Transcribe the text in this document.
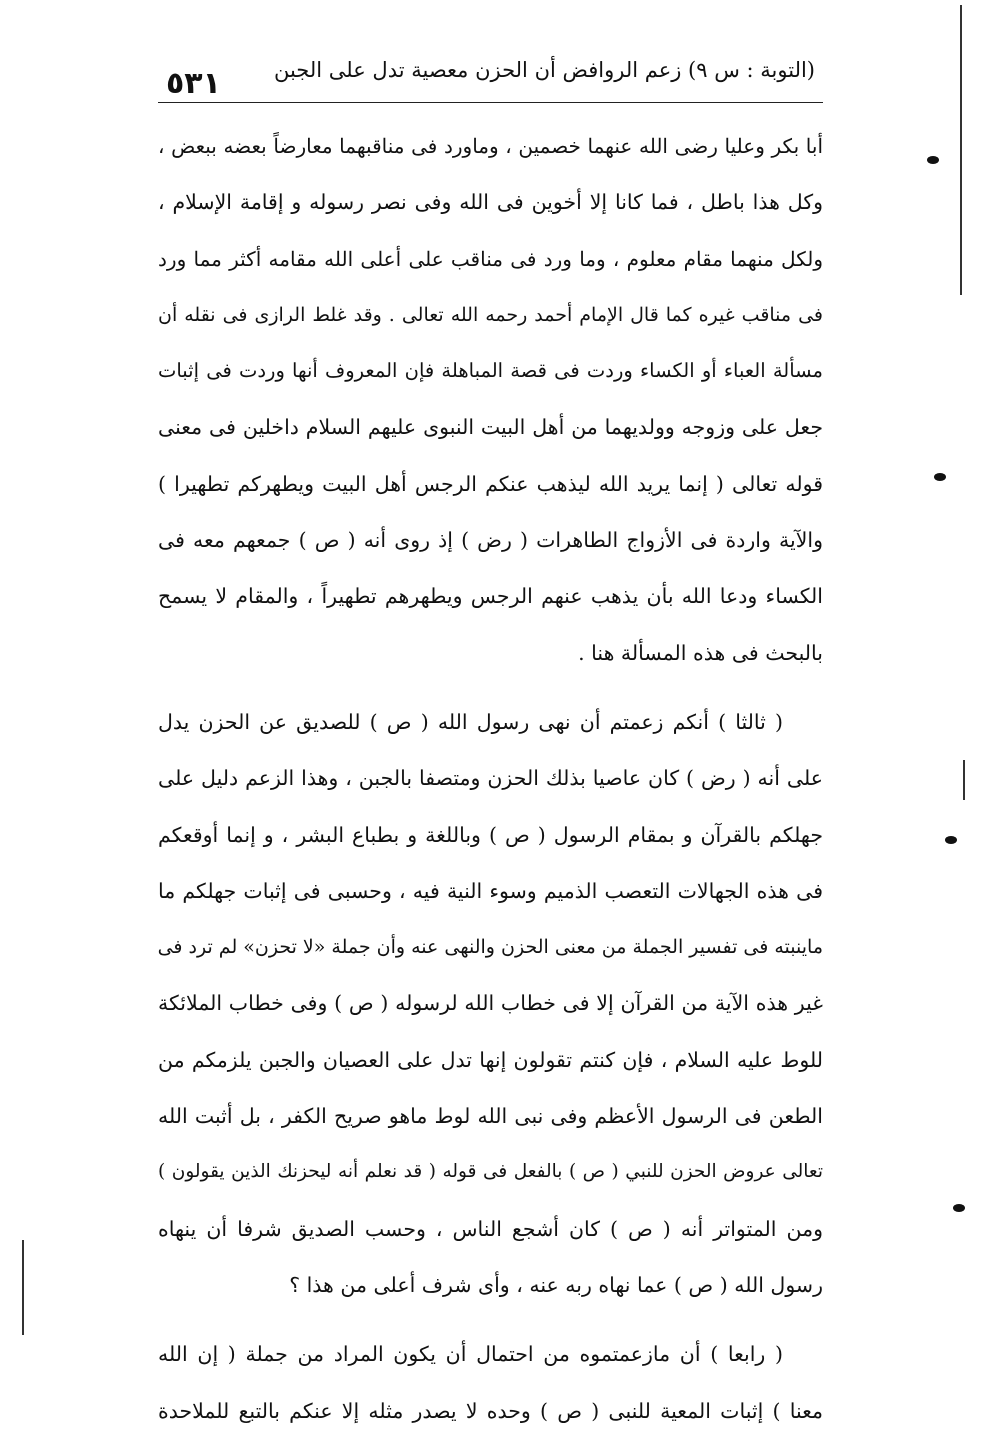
٥٣١	(التوبة : س ٩) زعم الروافض أن الحزن معصية تدل على الجبن
أبا بكر وعليا رضى الله عنهما خصمين ، وماورد فى مناقبهما معارضاً بعضه ببعض ،
وكل هذا باطل ، فما كانا إلا أخوين فى الله وفى نصر رسوله و إقامة الإسلام ،
ولكل منهما مقام معلوم ، وما ورد فى مناقب على أعلى الله مقامه أكثر مما ورد
فى مناقب غيره كما قال الإمام أحمد رحمه الله تعالى . وقد غلط الرازى فى نقله أن
مسألة العباء أو الكساء وردت فى قصة المباهلة فإن المعروف أنها وردت فى إثبات
جعل على وزوجه وولديهما من أهل البيت النبوى عليهم السلام داخلين فى معنى
قوله تعالى ( إنما يريد الله ليذهب عنكم الرجس أهل البيت ويطهركم تطهيرا )
والآية واردة فى الأزواج الطاهرات ( رض ) إذ روى أنه ( ص ) جمعهم معه فى
الكساء ودعا الله بأن يذهب عنهم الرجس ويطهرهم تطهيراً ، والمقام لا يسمح
بالبحث فى هذه المسألة هنا .
( ثالثا ) أنكم زعمتم أن نهى رسول الله ( ص ) للصديق عن الحزن يدل
على أنه ( رض ) كان عاصيا بذلك الحزن ومتصفا بالجبن ، وهذا الزعم دليل على
جهلكم بالقرآن و بمقام الرسول ( ص ) وباللغة و بطباع البشر ، و إنما أوقعكم
فى هذه الجهالات التعصب الذميم وسوء النية فيه ، وحسبى فى إثبات جهلكم ما
ماينبته فى تفسير الجملة من معنى الحزن والنهى عنه وأن جملة «لا تحزن» لم ترد فى
غير هذه الآية من القرآن إلا فى خطاب الله لرسوله ( ص ) وفى خطاب الملائكة
للوط عليه السلام ، فإن كنتم تقولون إنها تدل على العصيان والجبن يلزمكم من
الطعن فى الرسول الأعظم وفى نبى الله لوط ماهو صريح الكفر ، بل أثبت الله
تعالى عروض الحزن للنبي ( ص ) بالفعل فى قوله ( قد نعلم أنه ليحزنك الذين يقولون )
ومن المتواتر أنه ( ص ) كان أشجع الناس ، وحسب الصديق شرفا أن ينهاه
رسول الله ( ص ) عما نهاه ربه عنه ، وأى شرف أعلى من هذا ؟
( رابعا ) أن مازعمتموه من احتمال أن يكون المراد من جملة ( إن الله
معنا ) إثبات المعية للنبى ( ص ) وحده لا يصدر مثله إلا عنكم بالتبع للملاحدة
